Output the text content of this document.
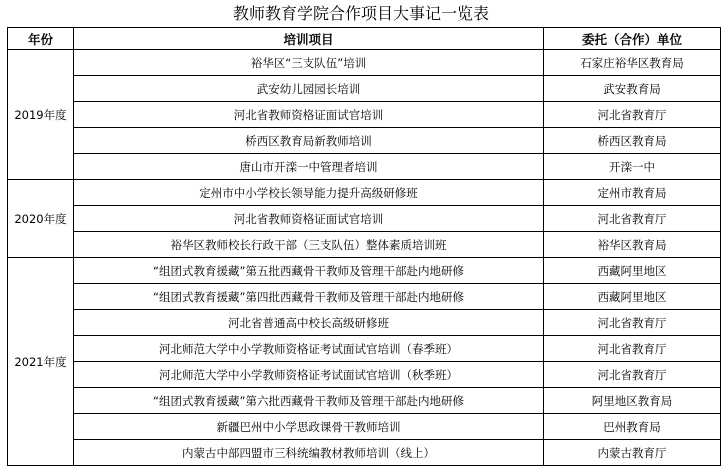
教师教育学院合作项目大事记一览表
年份	培训项目	委托（合作）单位
2019年度	裕华区“三支队伍”培训	石家庄裕华区教育局
	武安幼儿园园长培训	武安教育局
	河北省教师资格证面试官培训	河北省教育厅
	桥西区教育局新教师培训	桥西区教育局
	唐山市开滦一中管理者培训	开滦一中
2020年度	定州市中小学校长领导能力提升高级研修班	定州市教育局
	河北省教师资格证面试官培训	河北省教育厅
	裕华区教师校长行政干部（三支队伍）整体素质培训班	裕华区教育局
2021年度	“组团式教育援藏”第五批西藏骨干教师及管理干部赴内地研修	西藏阿里地区
	“组团式教育援藏”第四批西藏骨干教师及管理干部赴内地研修	西藏阿里地区
	河北省普通高中校长高级研修班	河北省教育厅
	河北师范大学中小学教师资格证考试面试官培训（春季班）	河北省教育厅
	河北师范大学中小学教师资格证考试面试官培训（秋季班）	河北省教育厅
	“组团式教育援藏”第六批西藏骨干教师及管理干部赴内地研修	阿里地区教育局
	新疆巴州中小学思政课骨干教师培训	巴州教育局
	内蒙古中部四盟市三科统编教材教师培训（线上）	内蒙古教育厅
